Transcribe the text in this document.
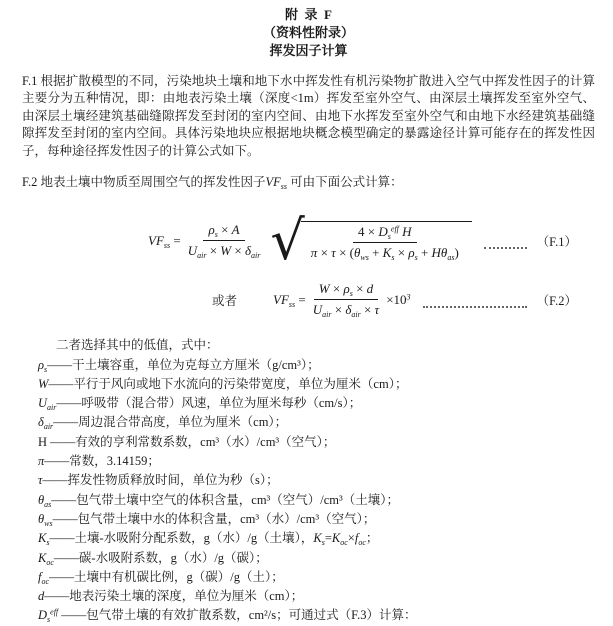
附  录  F
（资料性附录）
挥发因子计算

F.1 根据扩散模型的不同，污染地块土壤和地下水中挥发性有机污染物扩散进入空气中挥发性因子的计算主要分为五种情况，即：由地表污染土壤（深度<1m）挥发至室外空气、由深层土壤挥发至室外空气、由深层土壤经建筑基础缝隙挥发至封闭的室内空间、由地下水挥发至室外空气和由地下水经建筑基础缝隙挥发至封闭的室内空间。具体污染地块应根据地块概念模型确定的暴露途径计算可能存在的挥发性因子，每种途径挥发性因子的计算公式如下。

F.2 地表土壤中物质至周围空气的挥发性因子$VF_{ss}$ 可由下面公式计算：

$VF_{ss} = \frac{\rho_s \times A}{U_{air} \times W \times \delta_{air}}$ √ $\frac{4 \times D_s^{eff} H}{\pi \times \tau \times (\theta_{ws} + K_s \times \rho_s + H\theta_{as})}$	（F.1）
或者	$VF_{ss} = \frac{W \times \rho_s \times d}{U_{air} \times \delta_{air} \times \tau} \times 10^3$	（F.2）
二者选择其中的低值，式中：
$\rho_s——$干土壤容重，单位为克每立方厘米（g/cm³）；
W——平行于风向或地下水流向的污染带宽度，单位为厘米（cm）；
$U_{air}——$呼吸带（混合带）风速，单位为厘米每秒（cm/s）；
$\delta_{air}——$周边混合带高度，单位为厘米（cm）；
H ——有效的亨利常数系数，cm³（水）/cm³（空气）；
π——常数，3.14159；
τ——挥发性物质释放时间，单位为秒（s）；
$\theta_{as}——$包气带土壤中空气的体积含量，cm³（空气）/cm³（土壤）；
$\theta_{ws}——$包气带土壤中水的体积含量，cm³（水）/cm³（空气）；
$K_s——$土壤-水吸附分配系数，g（水）/g（土壤），$K_s=K_{oc}\times f_{oc}$；
$K_{oc}——$碳-水吸附系数，g（水）/g（碳）；
$f_{oc}——$土壤中有机碳比例，g（碳）/g（土）；
d——地表污染土壤的深度，单位为厘米（cm）；
$D_s^{eff}$ ——包气带土壤的有效扩散系数，cm²/s；可通过式（F.3）计算：
